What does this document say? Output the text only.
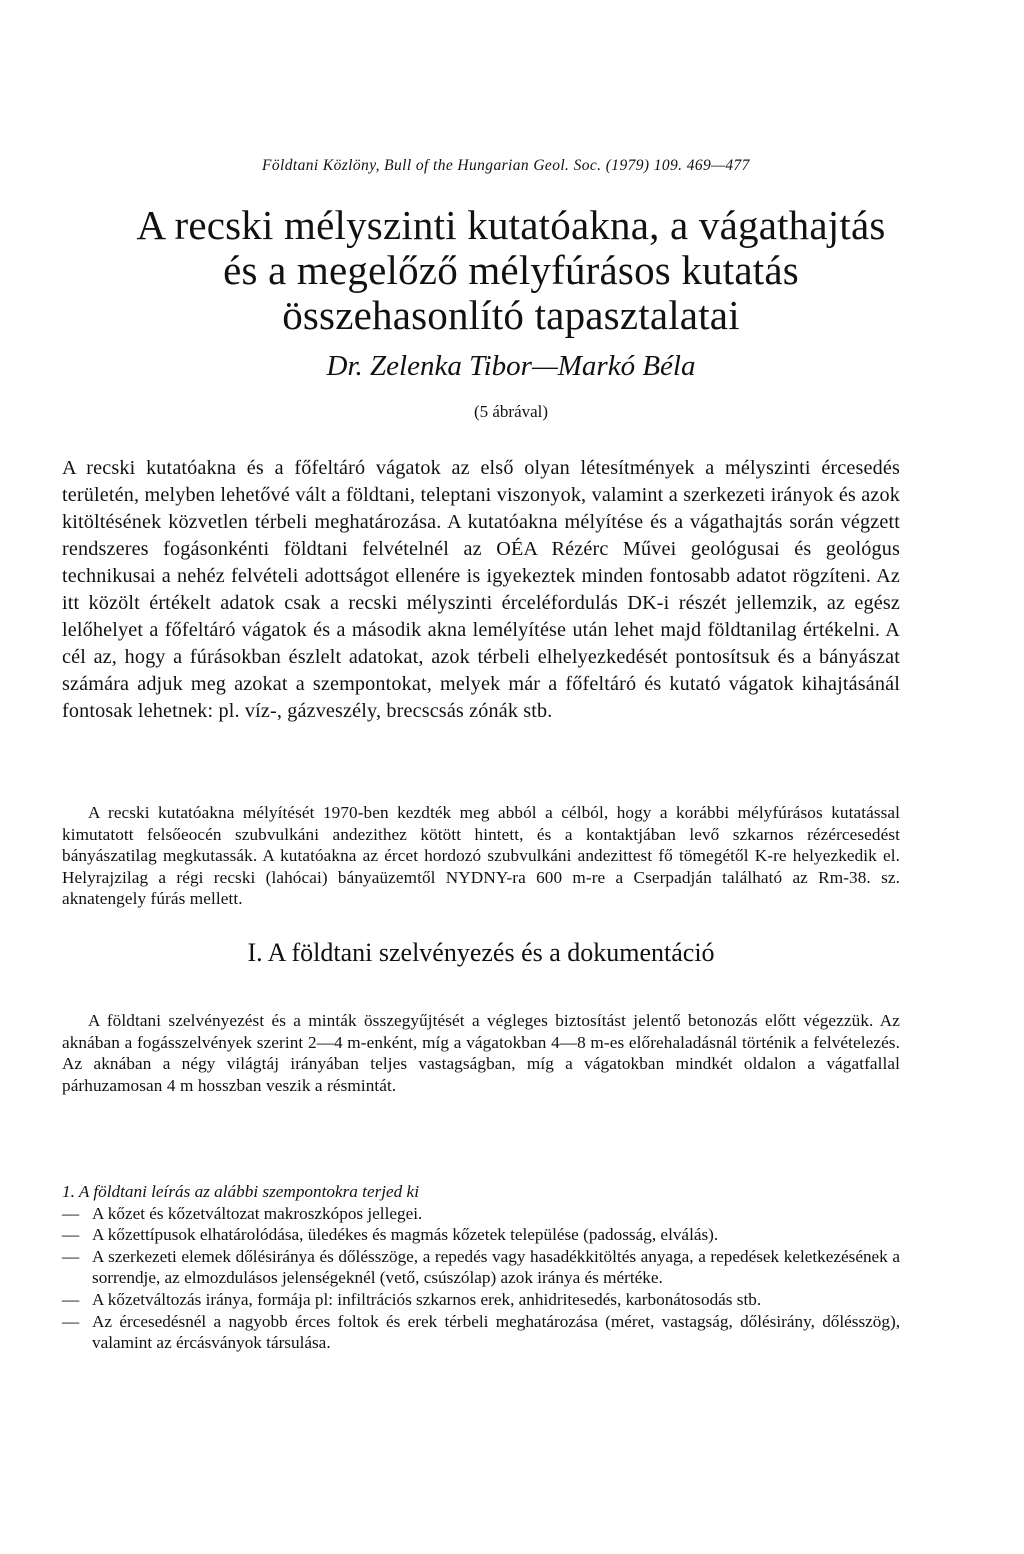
Földtani Közlöny, Bull of the Hungarian Geol. Soc. (1979) 109. 469—477
A recski mélyszinti kutatóakna, a vágathajtás
és a megelőző mélyfúrásos kutatás
összehasonlító tapasztalatai
Dr. Zelenka Tibor—Markó Béla
(5 ábrával)
A recski kutatóakna és a főfeltáró vágatok az első olyan létesítmények a mélyszinti ércesedés területén, melyben lehetővé vált a földtani, teleptani viszonyok, valamint a szerkezeti irányok és azok kitöltésének közvetlen térbeli meghatározása. A kutatóakna mélyítése és a vágathajtás során végzett rendszeres fogásonkénti földtani felvételnél az OÉA Rézérc Művei geológusai és geológus technikusai a nehéz felvételi adottságot ellenére is igyekeztek minden fontosabb adatot rögzíteni. Az itt közölt értékelt adatok csak a recski mélyszinti érceléfordulás DK-i részét jellemzik, az egész lelőhelyet a főfeltáró vágatok és a második akna lemélyítése után lehet majd földtanilag értékelni. A cél az, hogy a fúrásokban észlelt adatokat, azok térbeli elhelyezkedését pontosítsuk és a bányászat számára adjuk meg azokat a szempontokat, melyek már a főfeltáró és kutató vágatok kihajtásánál fontosak lehetnek: pl. víz-, gázveszély, brecscsás zónák stb.

A recski kutatóakna mélyítését 1970-ben kezdték meg abból a célból, hogy a korábbi mélyfúrásos kutatással kimutatott felsőeocén szubvulkáni andezithez kötött hintett, és a kontaktjában levő szkarnos rézércesedést bányászatilag megkutassák. A kutatóakna az ércet hordozó szubvulkáni andezittest fő tömegétől K-re helyezkedik el. Helyrajzilag a régi recski (lahócai) bányaüzemtől NYDNY-ra 600 m-re a Cserpadján található az Rm-38. sz. aknatengely fúrás mellett.

I. A földtani szelvényezés és a dokumentáció

A földtani szelvényezést és a minták összegyűjtését a végleges biztosítást jelentő betonozás előtt végezzük. Az aknában a fogásszelvények szerint 2—4 m-enként, míg a vágatokban 4—8 m-es előrehaladásnál történik a felvételezés. Az aknában a négy világtáj irányában teljes vastagságban, míg a vágatokban mindkét oldalon a vágatfallal párhuzamosan 4 m hosszban veszik a résmintát.

1. A földtani leírás az alábbi szempontokra terjed ki
— A kőzet és kőzetváltozat makroszkópos jellegei.
— A kőzettípusok elhatárolódása, üledékes és magmás kőzetek települése (padosság, elválás).
— A szerkezeti elemek dőlésiránya és dőlésszöge, a repedés vagy hasadékkitöltés anyaga, a repedések keletkezésének a sorrendje, az elmozdulásos jelenségeknél (vető, csúszólap) azok iránya és mértéke.
— A kőzetváltozás iránya, formája pl: infiltrációs szkarnos erek, anhidritesedés, karbonátosodás stb.
— Az ércesedésnél a nagyobb érces foltok és erek térbeli meghatározása (méret, vastagság, dőlésirány, dőlésszög), valamint az ércásványok társulása.
